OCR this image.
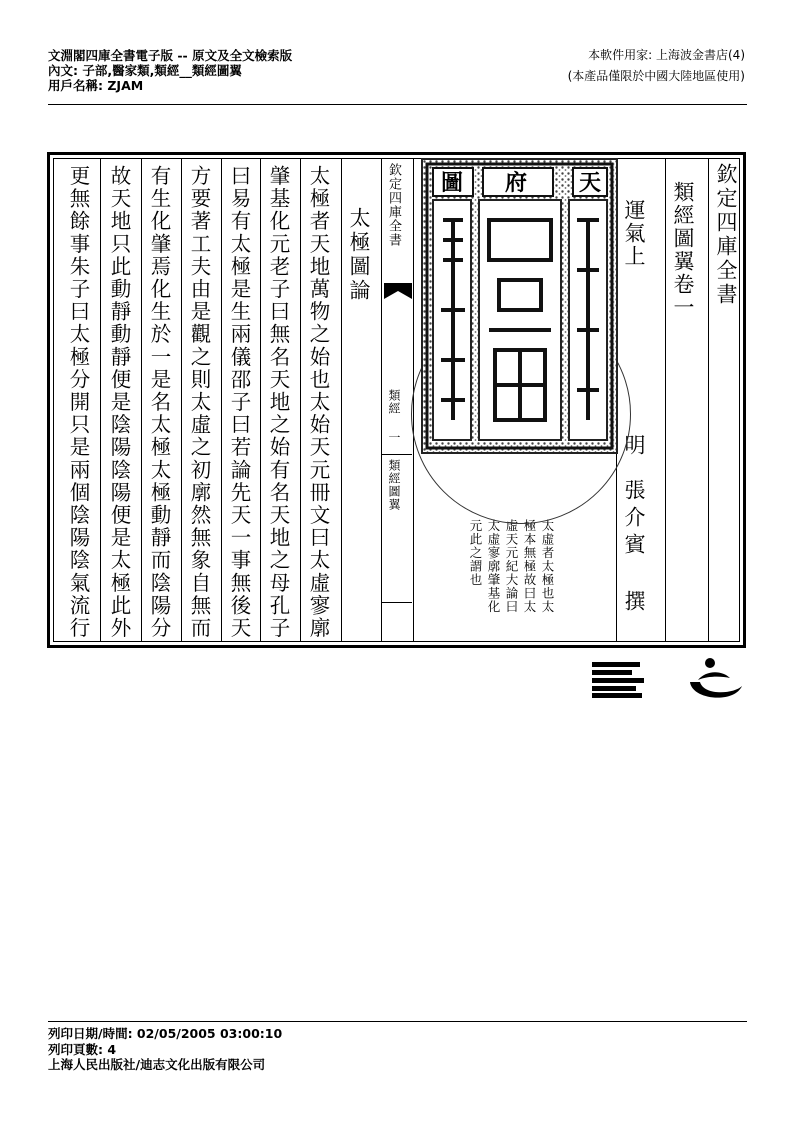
文淵閣四庫全書電子版 -- 原文及全文檢索版
內文: 子部,醫家類,類經__類經圖翼
用戶名稱: ZJAM
本軟件用家: 上海波金書店(4)
(本產品僅限於中國大陸地區使用)
欽定四庫全書
類經圖翼卷一
運氣上
明
張介賓 撰
太虛者太極也太
極本無極故曰太
虛天元紀大論曰
太虛寥廓肇基化
元此之謂也
欽定四庫全書
類經
一
類經圖翼
太極圖論
太極者天地萬物之始也太始天元冊文曰太虛寥廓
肇基化元老子曰無名天地之始有名天地之母孔子
曰易有太極是生兩儀邵子曰若論先天一事無後天
方要著工夫由是觀之則太虛之初廓然無象自無而
有生化肇焉化生於一是名太極太極動靜而陰陽分
故天地只此動靜動靜便是陰陽陰陽便是太極此外
更無餘事朱子曰太極分開只是兩個陰陽陰氣流行	天
府
圖
列印日期/時間: 02/05/2005 03:00:10
列印頁數: 4
上海人民出版社/迪志文化出版有限公司
